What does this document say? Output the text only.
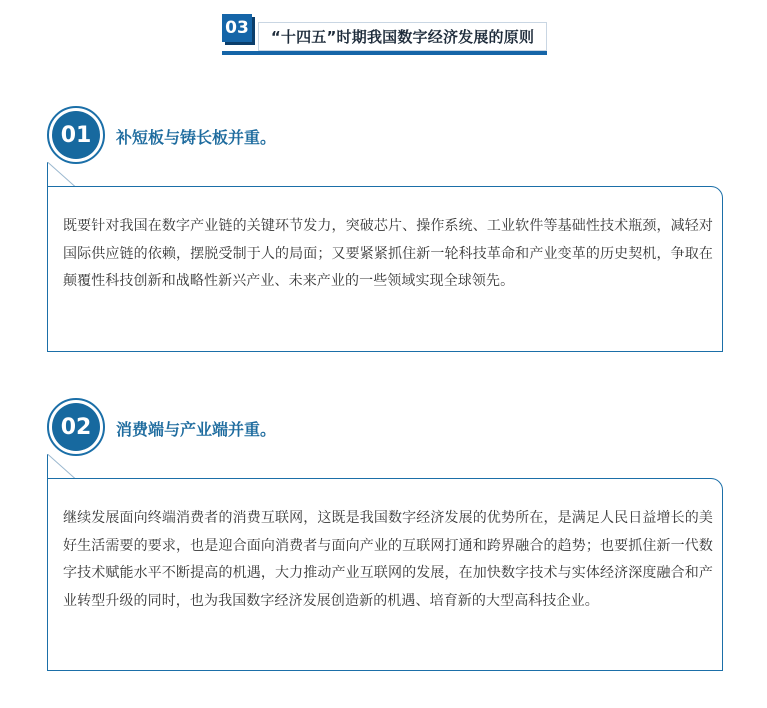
03 “十四五”时期我国数字经济发展的原则
01	补短板与铸长板并重。

既要针对我国在数字产业链的关键环节发力，突破芯片、操作系统、工业软件等基础性技术瓶颈，减轻对国际供应链的依赖，摆脱受制于人的局面；又要紧紧抓住新一轮科技革命和产业变革的历史契机，争取在颠覆性科技创新和战略性新兴产业、未来产业的一些领域实现全球领先。

02	消费端与产业端并重。

继续发展面向终端消费者的消费互联网，这既是我国数字经济发展的优势所在，是满足人民日益增长的美好生活需要的要求，也是迎合面向消费者与面向产业的互联网打通和跨界融合的趋势；也要抓住新一代数字技术赋能水平不断提高的机遇，大力推动产业互联网的发展，在加快数字技术与实体经济深度融合和产业转型升级的同时，也为我国数字经济发展创造新的机遇、培育新的大型高科技企业。
